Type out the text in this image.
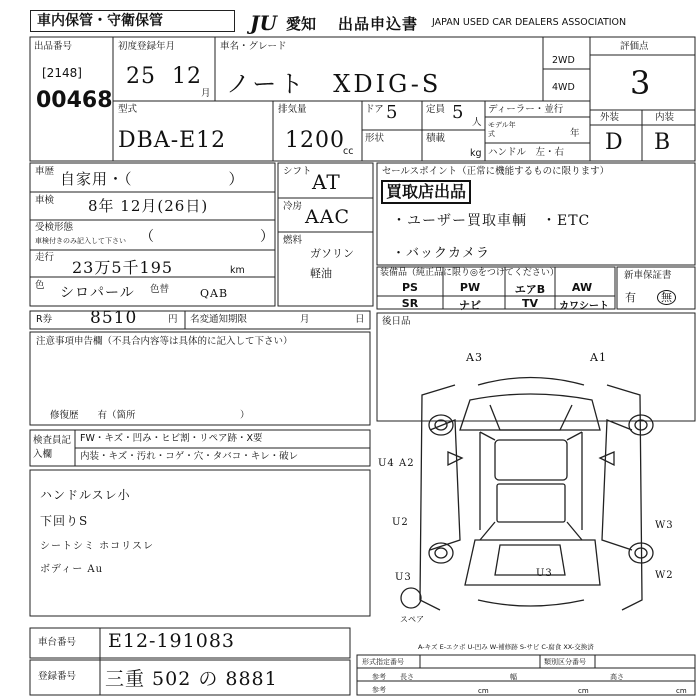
車内保管・守衛保管	JU 愛知 出品申込書 JAPAN USED CAR DEALERS ASSOCIATION
出品番号
[2148]
00468
初度登録年月
25 12
月
車名・グレード
ノート　XDIG-S
2WD
4WD
評価点
3
型式
DBA-E12
排気量
1200
cc
ドア 5	定員 5 人
ディーラー・並行
形状	積載
kg
モデル年式	年
ハンドル　左・右
外装	内装
D B
車歴 自家用・（　　　　　　）
車検 8年 12月(26日)
受検形態
車検付きのみ記入して下さい （　　　　　　　）
走行
23万5千195	km
色 シロパール 色替	QAB
シフト AT
冷房 AAC
燃料
ガソリン
軽油
セールスポイント（正常に機能するものに限ります）
買取店出品
・ユーザー買取車輌　・ETC
・バックカメラ
装備品（純正品に限り◎をつけてください）
PS	PW	エアB	AW
SR	ナビ	TV	カワシート
新車保証書
有	無
R券 8510	円 名変通知期限	月	日 後日品
注意事項申告欄（不具合内容等は具体的に記入して下さい）
修復歴　　有（箇所　　　　　　　　　　　）
検査員記入欄
FW・キズ・凹み・ヒビ割・リペア跡・X要
内装・キズ・汚れ・コゲ・穴・タバコ・キレ・破レ
ハンドルスレ小
下回りS
シートシミ ホコリスレ
ボディー Au
A3	A1
U4 A2
U2	W3
U3	U3	W2
スペア
A-キズ E-エクボ U-凹み W-補修跡 S-サビ C-腐食 XX-交換済
車台番号 E12-191083
登録番号 三重 502 の 8881
形式指定番号	類別区分番号
参考
参考
長さ	幅	高さ
cm	cm	cm
